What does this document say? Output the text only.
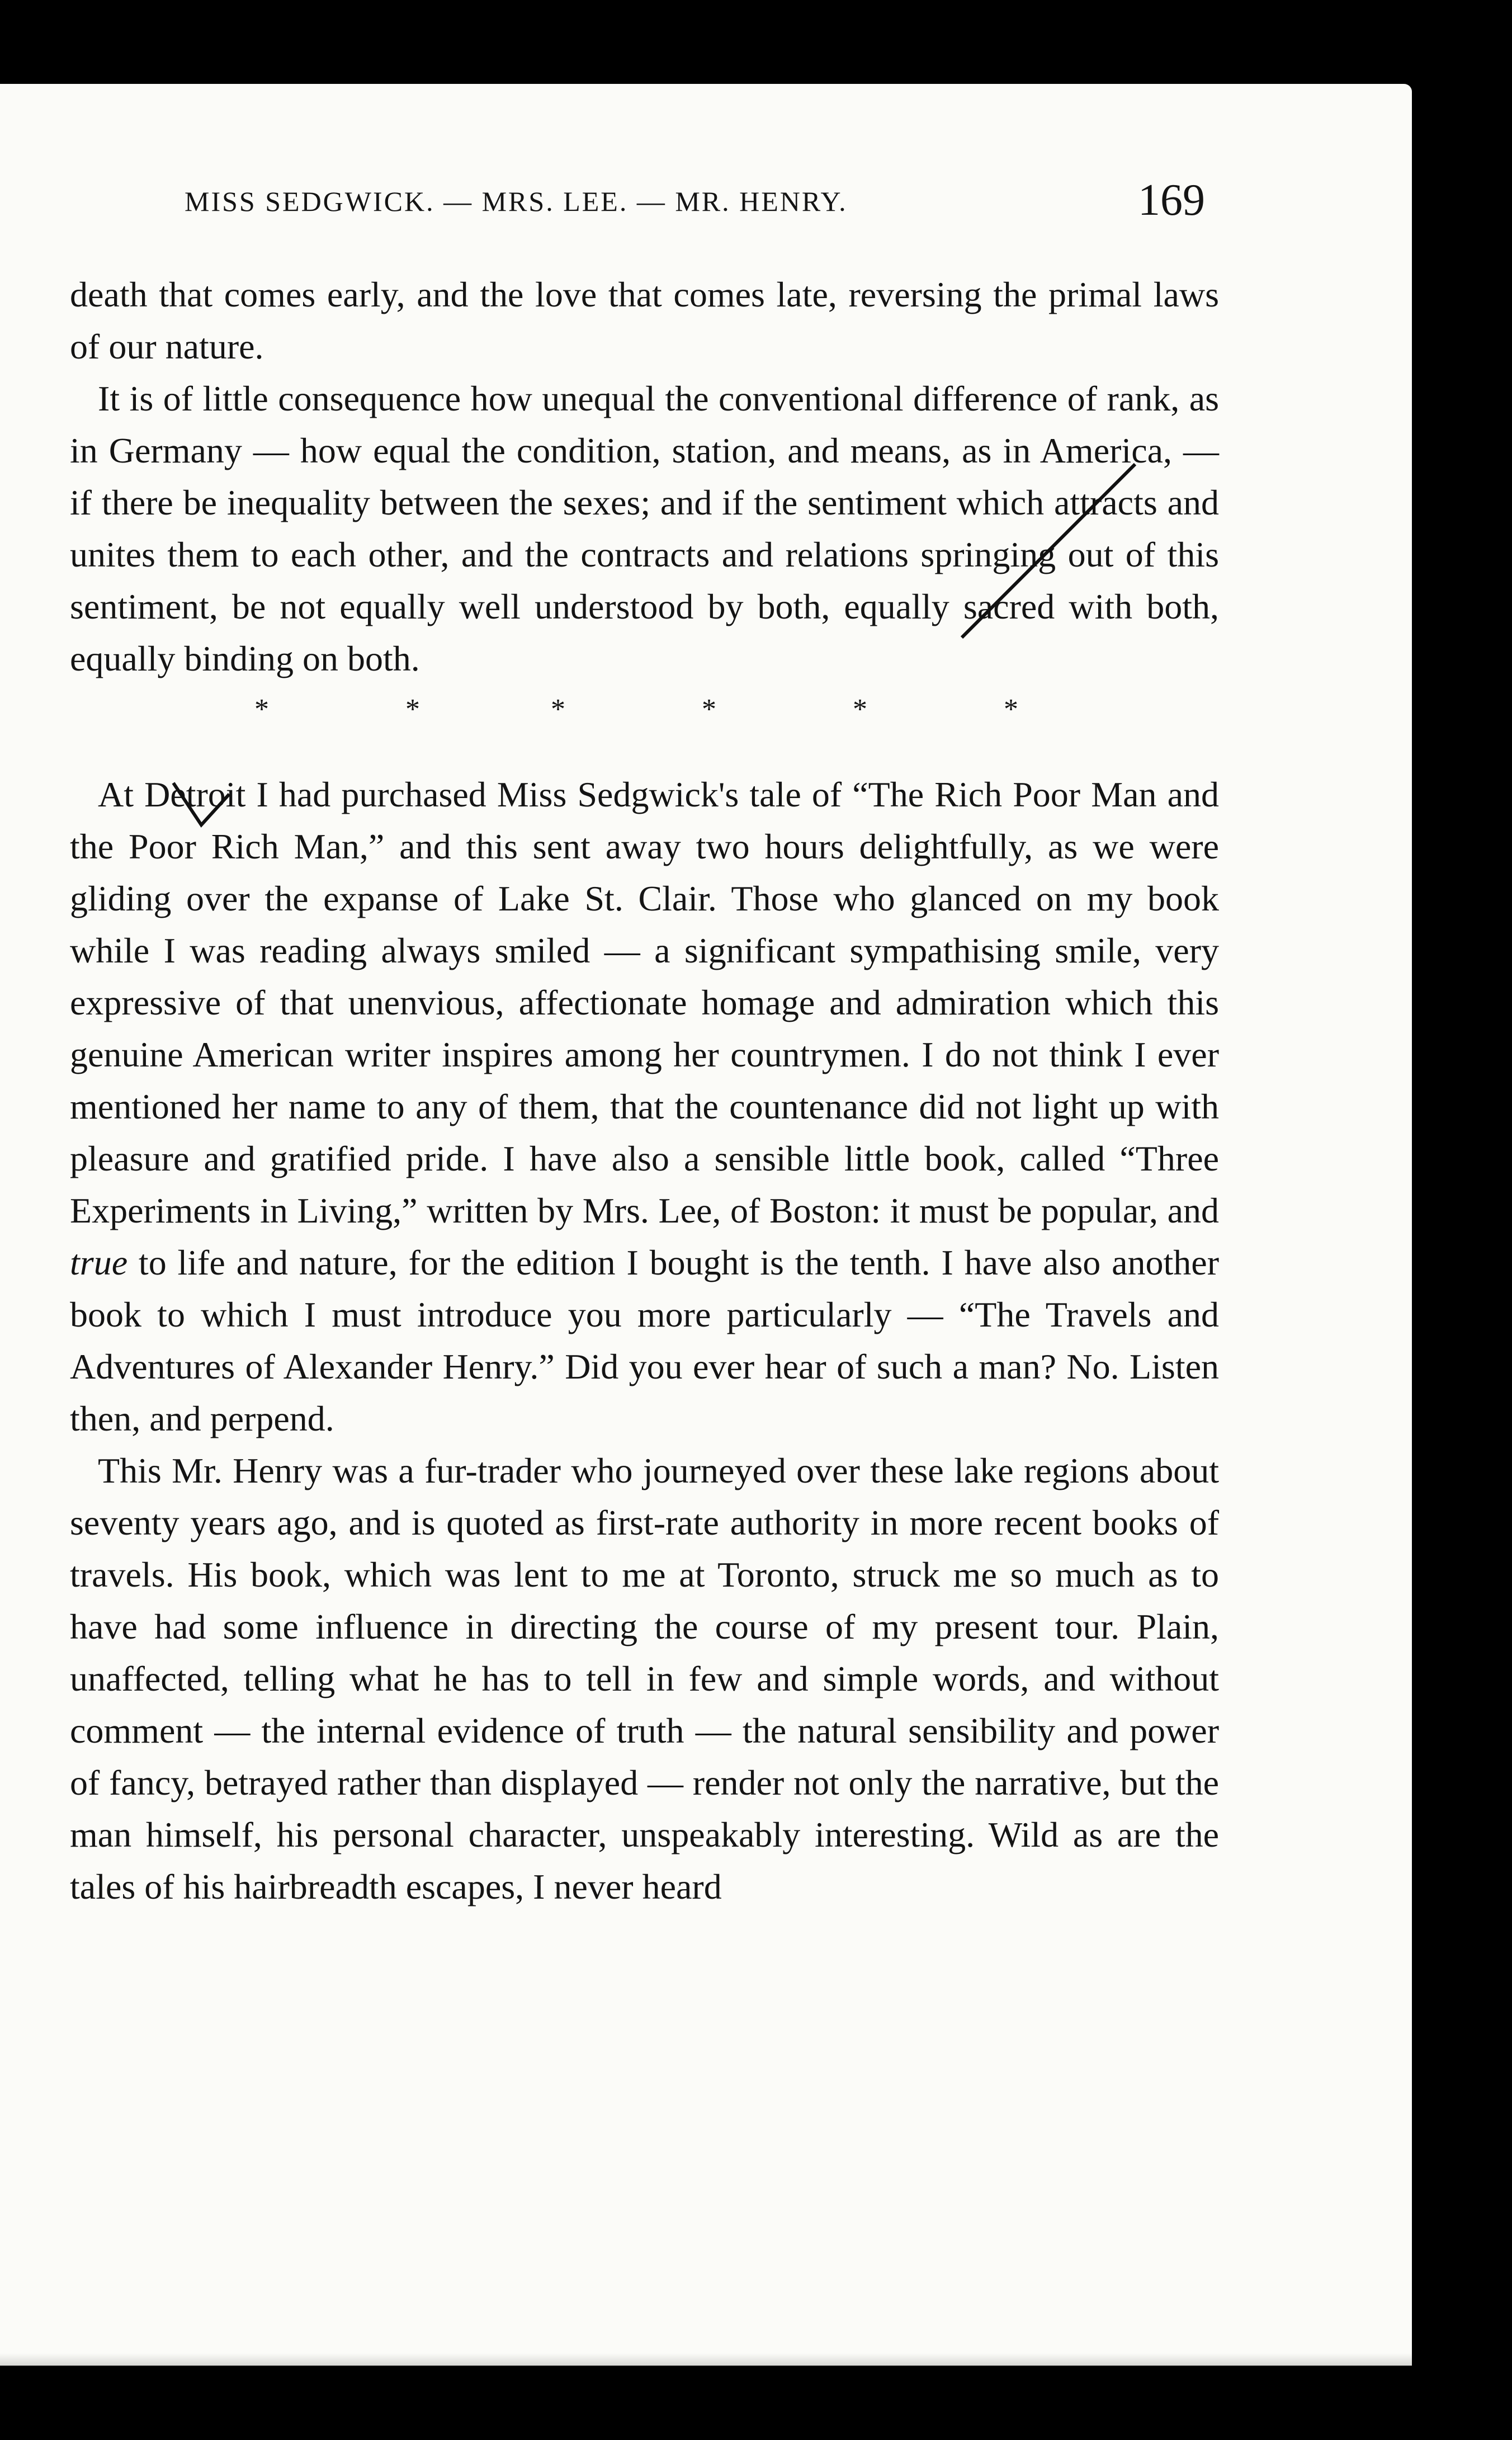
MISS SEDGWICK. — MRS. LEE. — MR. HENRY.	169

death that comes early, and the love that comes late, reversing the primal laws of our nature.

It is of little consequence how unequal the conventional difference of rank, as in Germany — how equal the condition, station, and means, as in America, — if there be inequality between the sexes; and if the sentiment which attracts and unites them to each other, and the contracts and relations springing out of this sentiment, be not equally well understood by both, equally sacred with both, equally binding on both.

*	*	*	*	*	*

At Detroit I had purchased Miss Sedgwick's tale of “The Rich Poor Man and the Poor Rich Man,” and this sent away two hours delightfully, as we were gliding over the expanse of Lake St. Clair. Those who glanced on my book while I was reading always smiled — a significant sympathising smile, very expressive of that unenvious, affectionate homage and admiration which this genuine American writer inspires among her countrymen. I do not think I ever mentioned her name to any of them, that the countenance did not light up with pleasure and gratified pride. I have also a sensible little book, called “Three Experiments in Living,” written by Mrs. Lee, of Boston: it must be popular, and true to life and nature, for the edition I bought is the tenth. I have also another book to which I must introduce you more particularly — “The Travels and Adventures of Alexander Henry.” Did you ever hear of such a man? No. Listen then, and perpend.

This Mr. Henry was a fur-trader who journeyed over these lake regions about seventy years ago, and is quoted as first-rate authority in more recent books of travels. His book, which was lent to me at Toronto, struck me so much as to have had some influence in directing the course of my present tour. Plain, unaffected, telling what he has to tell in few and simple words, and without comment — the internal evidence of truth — the natural sensibility and power of fancy, betrayed rather than displayed — render not only the narrative, but the man himself, his personal character, unspeakably interesting. Wild as are the tales of his hairbreadth escapes, I never heard
